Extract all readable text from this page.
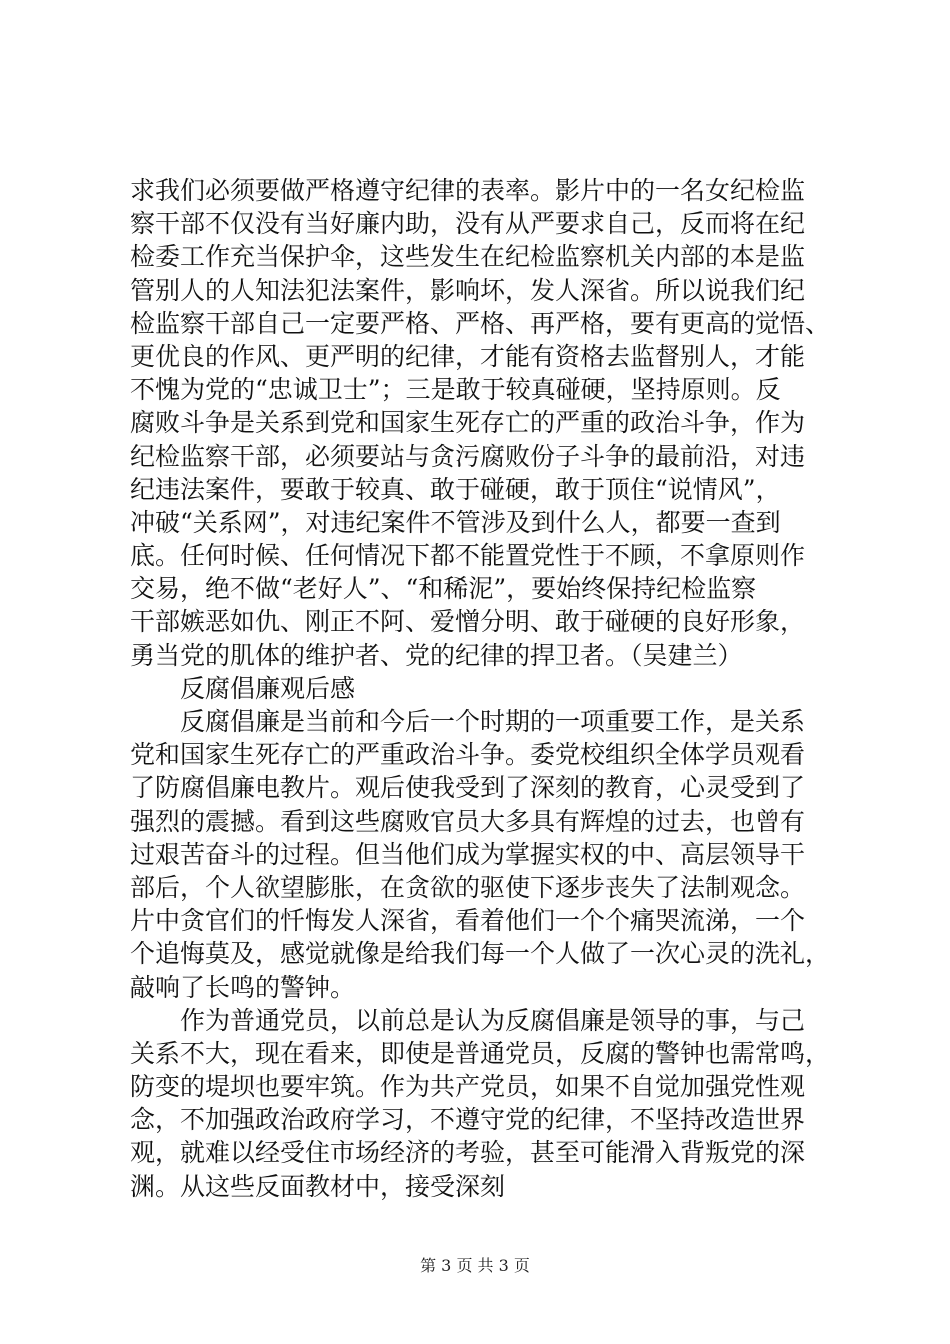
求我们必须要做严格遵守纪律的表率。影片中的一名女纪检监
察干部不仅没有当好廉内助，没有从严要求自己，反而将在纪
检委工作充当保护伞，这些发生在纪检监察机关内部的本是监
管别人的人知法犯法案件，影响坏，发人深省。所以说我们纪
检监察干部自己一定要严格、严格、再严格，要有更高的觉悟、
更优良的作风、更严明的纪律，才能有资格去监督别人，才能
不愧为党的“忠诚卫士”；三是敢于较真碰硬，坚持原则。反
腐败斗争是关系到党和国家生死存亡的严重的政治斗争，作为
纪检监察干部，必须要站与贪污腐败份子斗争的最前沿，对违
纪违法案件，要敢于较真、敢于碰硬，敢于顶住“说情风”，
冲破“关系网”，对违纪案件不管涉及到什么人，都要一查到
底。任何时候、任何情况下都不能置党性于不顾，不拿原则作
交易，绝不做“老好人”、“和稀泥”，要始终保持纪检监察
干部嫉恶如仇、刚正不阿、爱憎分明、敢于碰硬的良好形象，
勇当党的肌体的维护者、党的纪律的捍卫者。（吴建兰）
反腐倡廉观后感
反腐倡廉是当前和今后一个时期的一项重要工作，是关系
党和国家生死存亡的严重政治斗争。委党校组织全体学员观看
了防腐倡廉电教片。观后使我受到了深刻的教育，心灵受到了
强烈的震撼。看到这些腐败官员大多具有辉煌的过去，也曾有
过艰苦奋斗的过程。但当他们成为掌握实权的中、高层领导干
部后，个人欲望膨胀，在贪欲的驱使下逐步丧失了法制观念。
片中贪官们的忏悔发人深省，看着他们一个个痛哭流涕，一个
个追悔莫及，感觉就像是给我们每一个人做了一次心灵的洗礼，
敲响了长鸣的警钟。
作为普通党员，以前总是认为反腐倡廉是领导的事，与己
关系不大，现在看来，即使是普通党员，反腐的警钟也需常鸣，
防变的堤坝也要牢筑。作为共产党员，如果不自觉加强党性观
念，不加强政治政府学习，不遵守党的纪律，不坚持改造世界
观，就难以经受住市场经济的考验，甚至可能滑入背叛党的深
渊。从这些反面教材中，接受深刻
第 3 页 共 3 页
